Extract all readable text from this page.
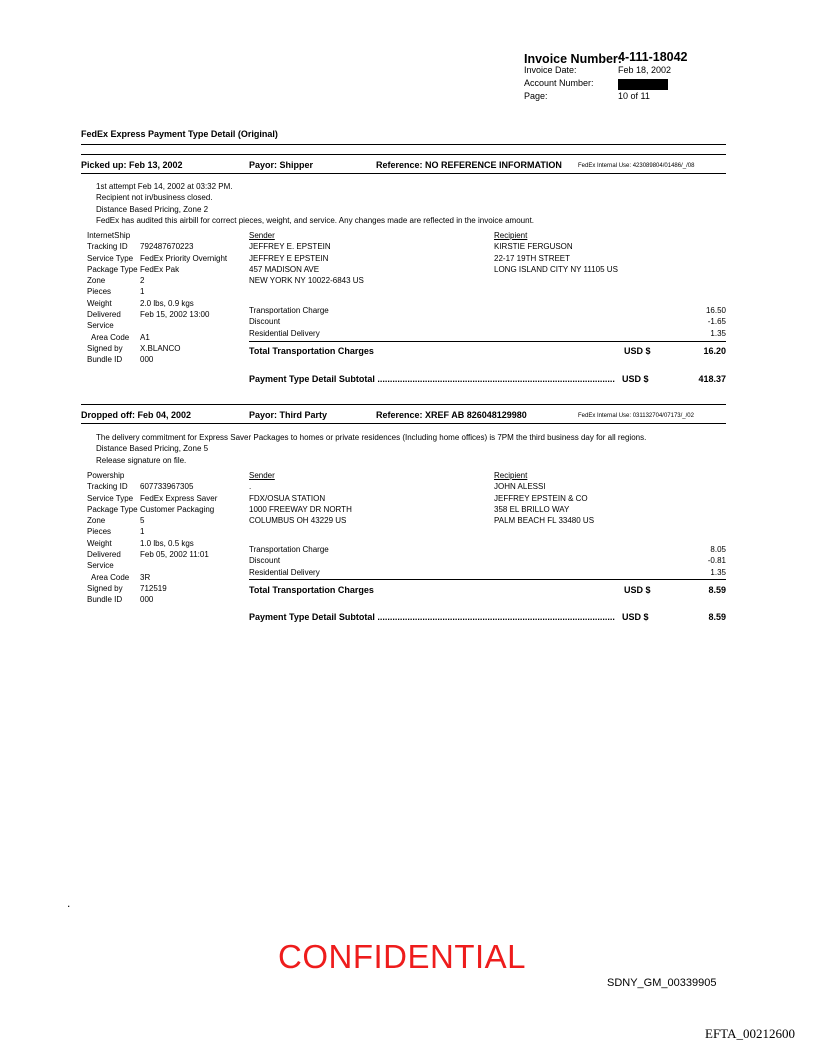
Invoice Number:
4-111-18042
Invoice Date:	Feb 18, 2002
Account Number:
Page:	10 of 11
FedEx Express Payment Type Detail (Original)
Picked up: Feb 13, 2002	Payor: Shipper	Reference: NO REFERENCE INFORMATION	FedEx Internal Use: 423089804/01486/_/08
1st attempt Feb 14, 2002 at 03:32 PM.
Recipient not in/business closed.
Distance Based Pricing, Zone 2
FedEx has audited this airbill for correct pieces, weight, and service. Any changes made are reflected in the invoice amount.
InternetShip
Tracking ID 792487670223
Service Type FedEx Priority Overnight
Package Type FedEx Pak
Zone	2
Pieces	1
Weight	2.0 lbs, 0.9 kgs
Delivered Feb 15, 2002 13:00
Service
Area Code A1
Signed by X.BLANCO
Bundle ID 000
Sender
JEFFREY E. EPSTEIN
JEFFREY E EPSTEIN
457 MADISON AVE
NEW YORK NY 10022-6843 US
Recipient
KIRSTIE FERGUSON
22-17 19TH STREET
LONG ISLAND CITY NY 11105 US
Transportation Charge	16.50
Discount	-1.65
Residential Delivery	1.35
Total Transportation Charges	USD $	16.20
Payment Type Detail Subtotal ............................................................................................... USD $	418.37
Dropped off: Feb 04, 2002	Payor: Third Party	Reference: XREF AB 826048129980	FedEx Internal Use: 031132704/07173/_/02
The delivery commitment for Express Saver Packages to homes or private residences (Including home offices) is 7PM the third business day for all regions.
Distance Based Pricing, Zone 5
Release signature on file.
Powership
Tracking ID 607733967305
Service Type FedEx Express Saver
Package Type Customer Packaging
Zone	5
Pieces	1
Weight	1.0 lbs, 0.5 kgs
Delivered Feb 05, 2002 11:01
Service
Area Code 3R
Signed by 712519
Bundle ID 000
Sender
.
FDX/OSUA STATION
1000 FREEWAY DR NORTH
COLUMBUS OH 43229 US
Recipient
JOHN ALESSI
JEFFREY EPSTEIN & CO
358 EL BRILLO WAY
PALM BEACH FL 33480 US
Transportation Charge	8.05
Discount	-0.81
Residential Delivery	1.35
Total Transportation Charges	USD $	8.59
Payment Type Detail Subtotal ............................................................................................... USD $	8.59
.
CONFIDENTIAL
SDNY_GM_00339905
EFTA_00212600
